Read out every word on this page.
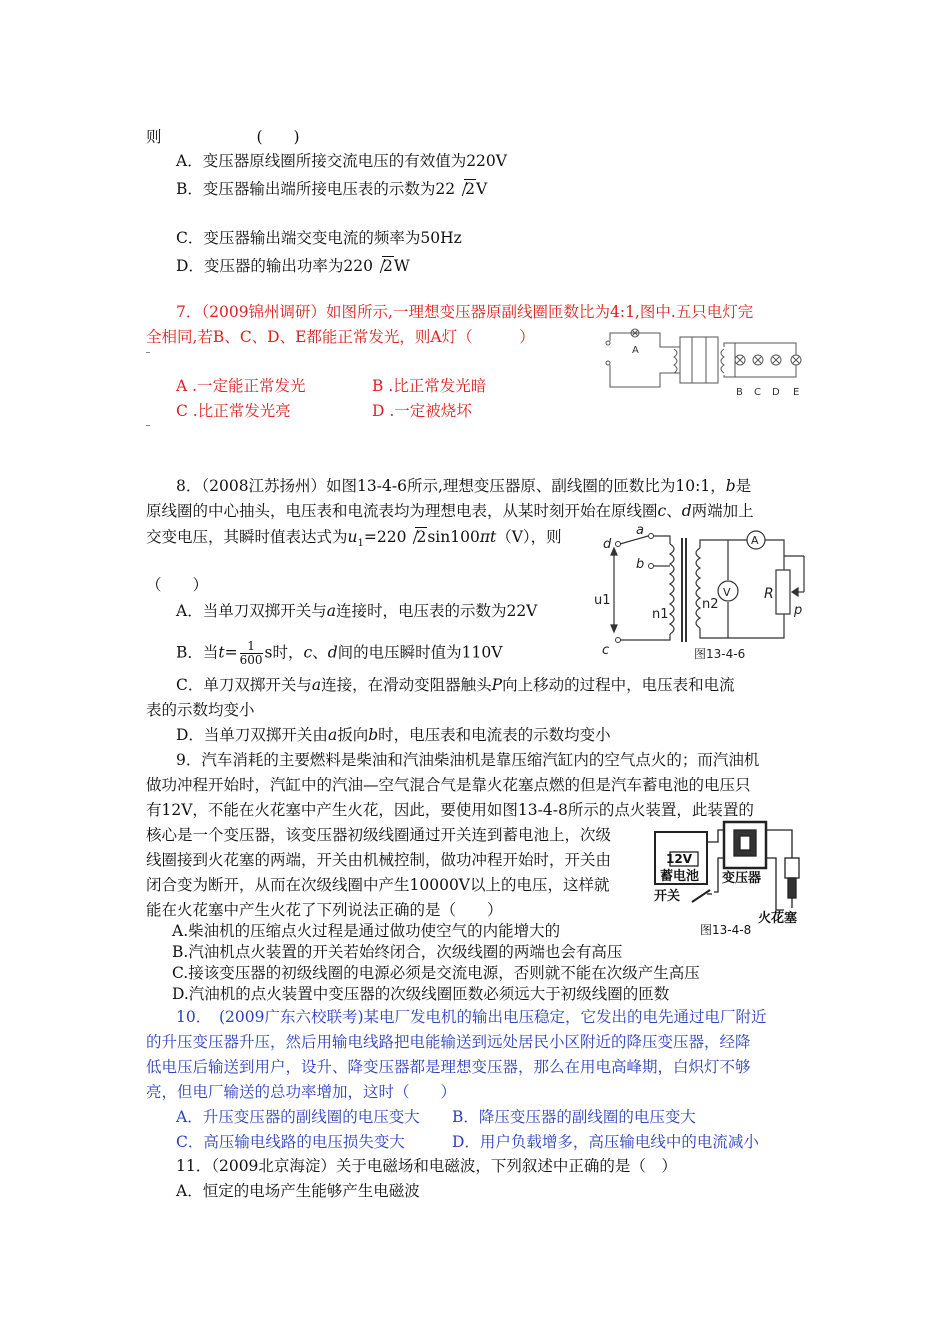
则	(　　)
A．变压器原线圈所接交流电压的有效值为220V
B．变压器输出端所接电压表的示数为22 2V
C．变压器输出端交变电流的频率为50Hz
D．变压器的输出功率为220 2W
7．（2009锦州调研）如图所示,一理想变压器原副线圈匝数比为4:1,图中.五只电灯完
全相同,若B、C、D、E都能正常发光，则A灯（　　　）
A .一定能正常发光	B .比正常发光暗
C .比正常发光亮	D .一定被烧坏
A
B C D E
8．（2008江苏扬州）如图13-4-6所示,理想变压器原、副线圈的匝数比为10:1，b是
原线圈的中心抽头，电压表和电流表均为理想电表，从某时刻开始在原线圈c、d两端加上
交变电压，其瞬时值表达式为$u_1=220$ 2sin100πt（V），则
（　　）
A．当单刀双掷开关与a连接时，电压表的示数为22V
B．当$t= \frac{1}{600}$ s时，c、d间的电压瞬时值为110V
C．单刀双掷开关与a连接，在滑动变阻器触头P向上移动的过程中，电压表和电流
表的示数均变小
D．当单刀双掷开关由a扳向b时，电压表和电流表的示数均变小
d
a
b
u1
n1
n2
V
A
R
p
c	图13-4-6
9．汽车消耗的主要燃料是柴油和汽油柴油机是靠压缩汽缸内的空气点火的；而汽油机
做功冲程开始时，汽缸中的汽油—空气混合气是靠火花塞点燃的但是汽车蓄电池的电压只
有12V，不能在火花塞中产生火花，因此，要使用如图13-4-8所示的点火装置，此装置的
核心是一个变压器，该变压器初级线圈通过开关连到蓄电池上，次级
线圈接到火花塞的两端，开关由机械控制，做功冲程开始时，开关由
闭合变为断开，从而在次级线圈中产生10000V以上的电压，这样就
能在火花塞中产生火花了下列说法正确的是（　　）
A.柴油机的压缩点火过程是通过做功使空气的内能增大的
B.汽油机点火装置的开关若始终闭合，次级线圈的两端也会有高压
C.接该变压器的初级线圈的电源必须是交流电源，否则就不能在次级产生高压
D.汽油机的点火装置中变压器的次级线圈匝数必须远大于初级线圈的匝数
12V
蓄电池
开关
变压器
火花塞
图13-4-8
10．　(2009广东六校联考)某电厂发电机的输出电压稳定，它发出的电先通过电厂附近
的升压变压器升压，然后用输电线路把电能输送到远处居民小区附近的降压变压器，经降
低电压后输送到用户，设升、降变压器都是理想变压器，那么在用电高峰期，白炽灯不够
亮，但电厂输送的总功率增加，这时（　　）
A．升压变压器的副线圈的电压变大 B．降压变压器的副线圈的电压变大
C．高压输电线路的电压损失变大	D．用户负载增多，高压输电线中的电流减小
11．（2009北京海淀）关于电磁场和电磁波，下列叙述中正确的是（　）
A．恒定的电场产生能够产生电磁波
